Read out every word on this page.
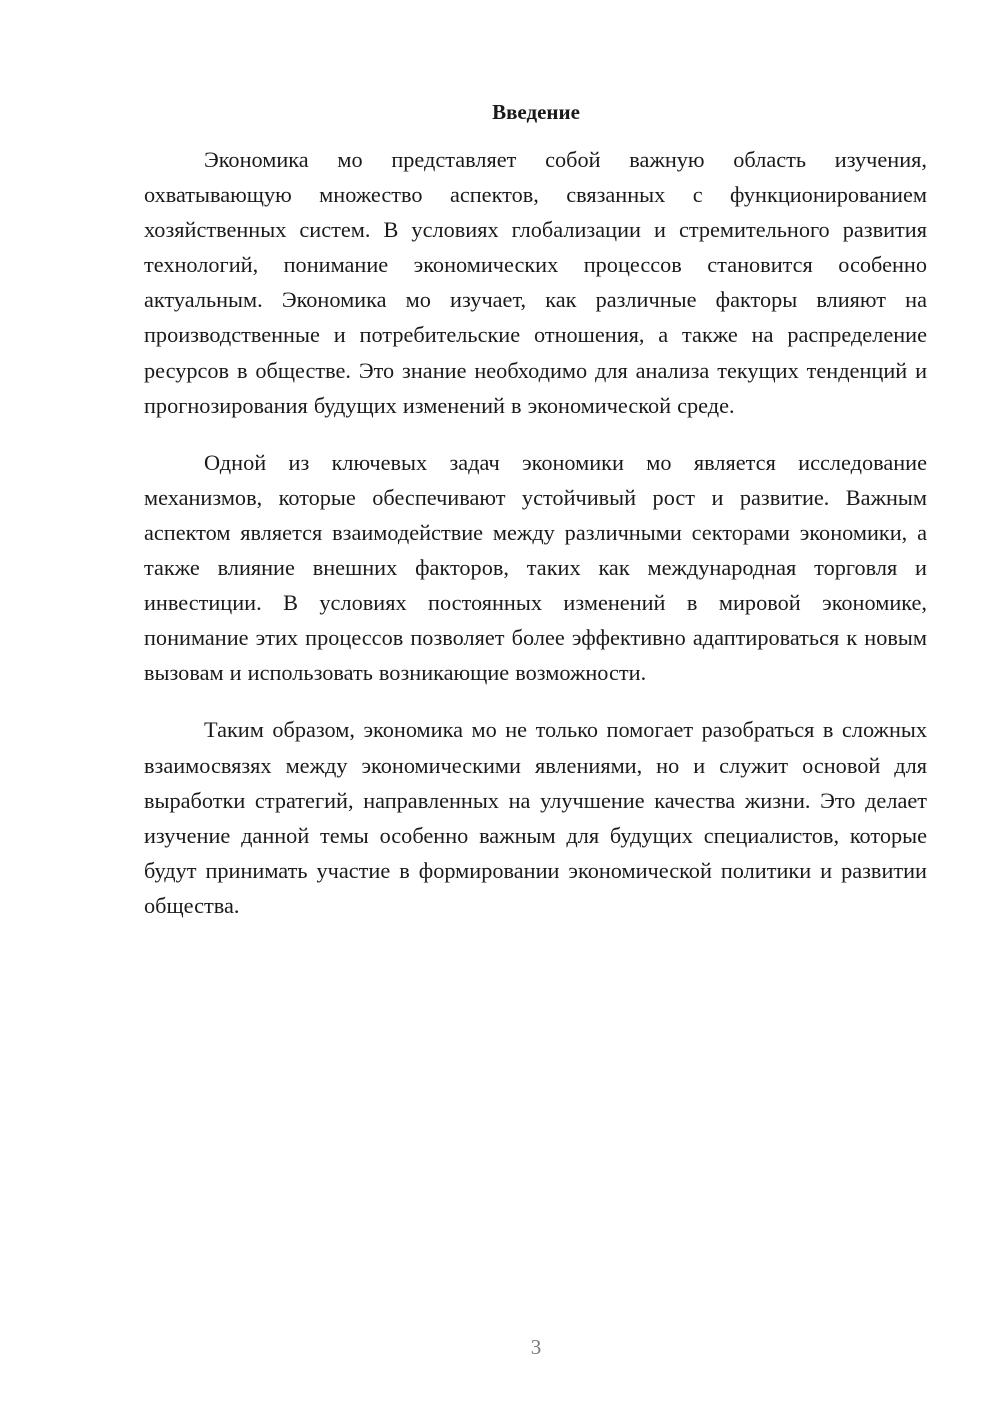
Введение

Экономика мо представляет собой важную область изучения, охватывающую множество аспектов, связанных с функционированием хозяйственных систем. В условиях глобализации и стремительного развития технологий, понимание экономических процессов становится особенно актуальным. Экономика мо изучает, как различные факторы влияют на производственные и потребительские отношения, а также на распределение ресурсов в обществе. Это знание необходимо для анализа текущих тенденций и прогнозирования будущих изменений в экономической среде.

Одной из ключевых задач экономики мо является исследование механизмов, которые обеспечивают устойчивый рост и развитие. Важным аспектом является взаимодействие между различными секторами экономики, а также влияние внешних факторов, таких как международная торговля и инвестиции. В условиях постоянных изменений в мировой экономике, понимание этих процессов позволяет более эффективно адаптироваться к новым вызовам и использовать возникающие возможности.

Таким образом, экономика мо не только помогает разобраться в сложных взаимосвязях между экономическими явлениями, но и служит основой для выработки стратегий, направленных на улучшение качества жизни. Это делает изучение данной темы особенно важным для будущих специалистов, которые будут принимать участие в формировании экономической политики и развитии общества.

3
